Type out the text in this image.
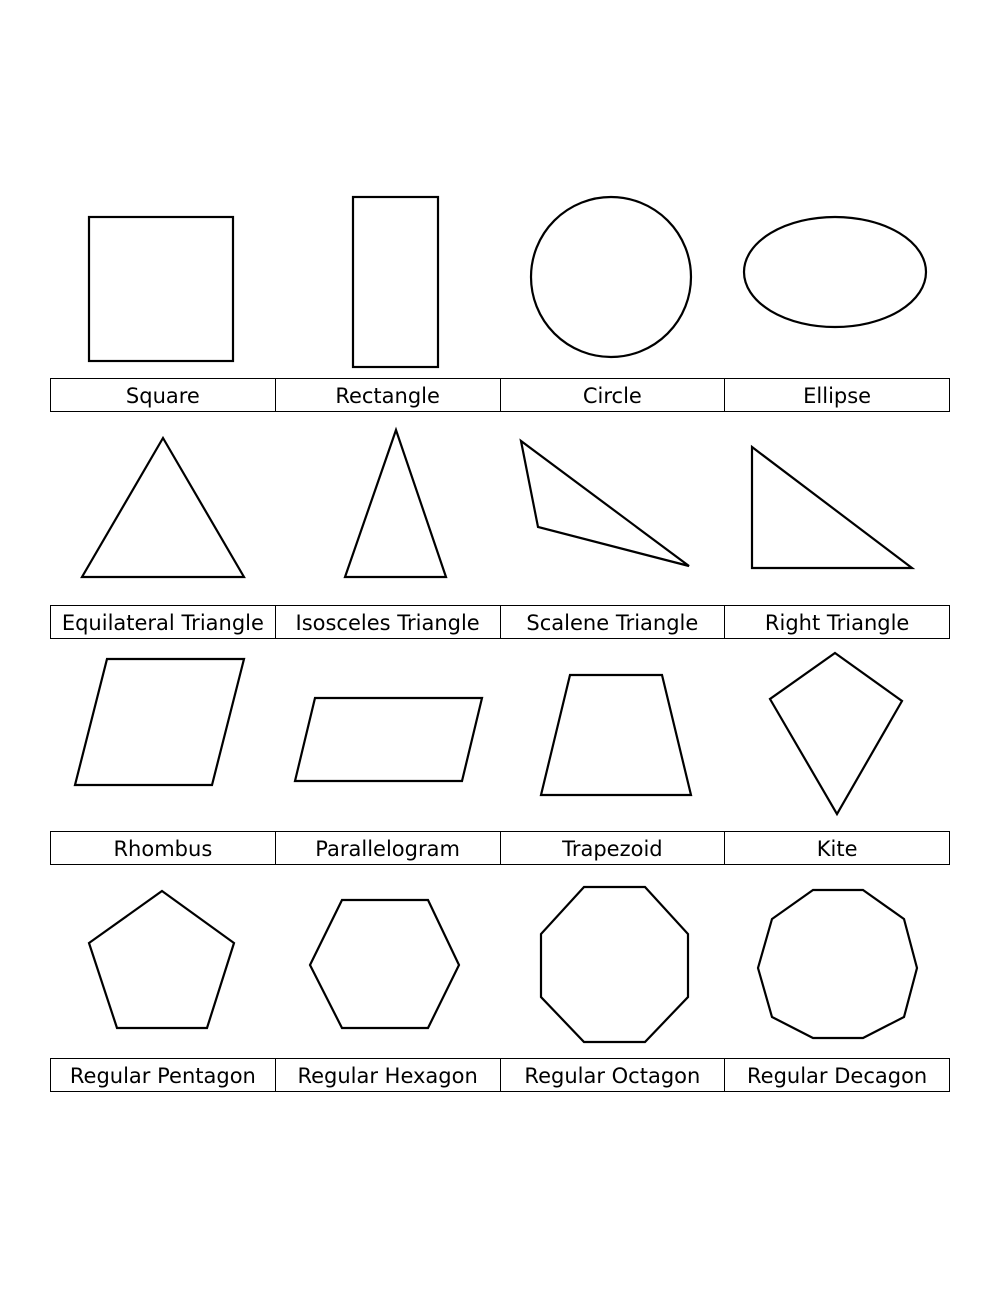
Square	Rectangle	Circle	Ellipse
Equilateral Triangle	Isosceles Triangle	Scalene Triangle	Right Triangle
Rhombus	Parallelogram	Trapezoid	Kite
Regular Pentagon	Regular Hexagon	Regular Octagon	Regular Decagon
